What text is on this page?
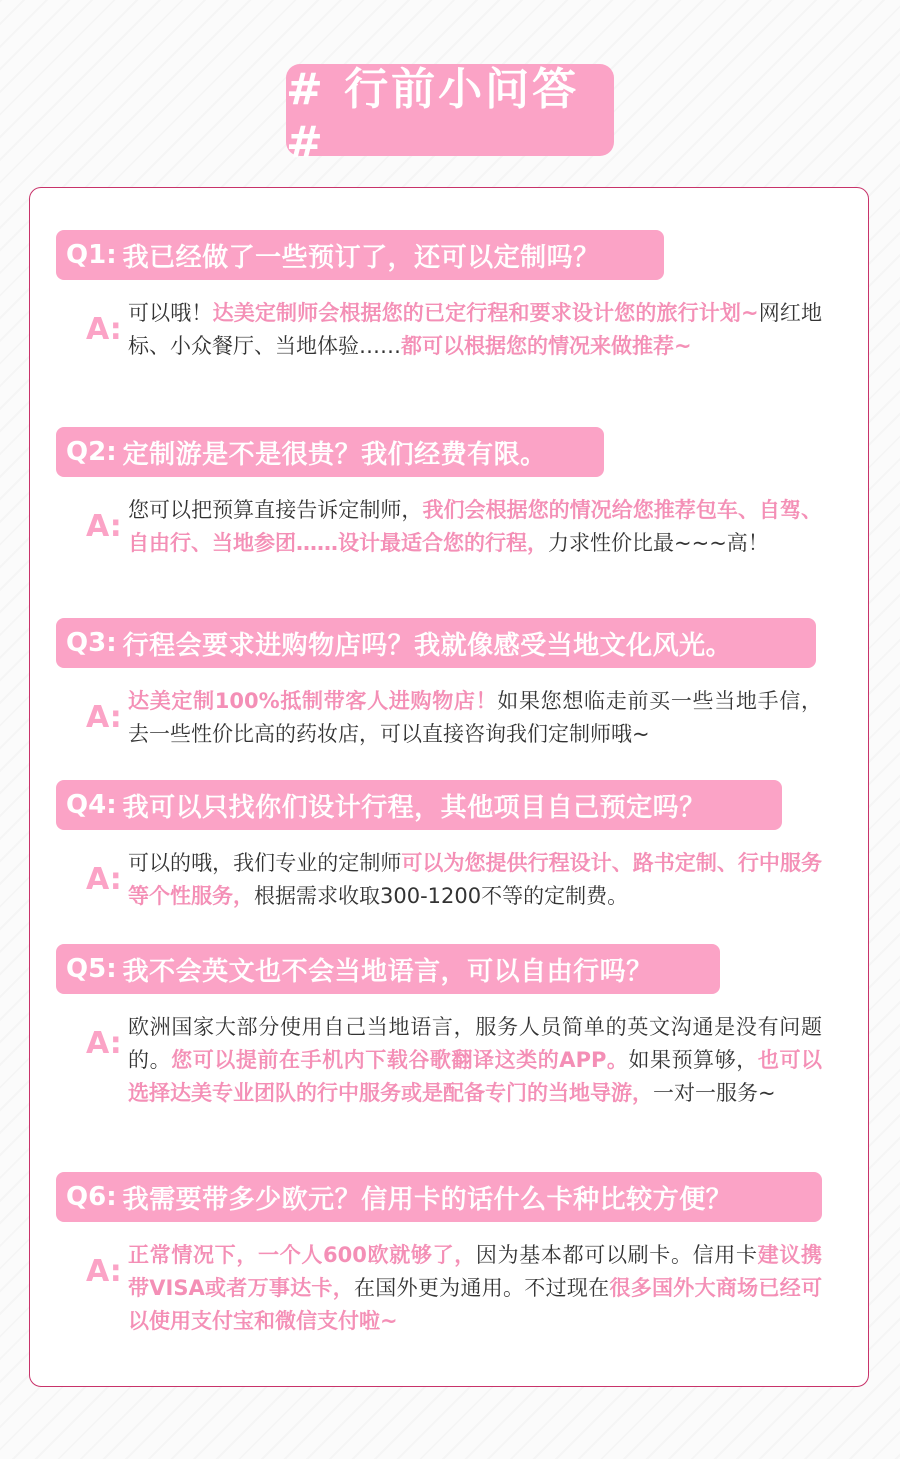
# 行前小问答 #
Q1: 我已经做了一些预订了，还可以定制吗？
A: 可以哦！达美定制师会根据您的已定行程和要求设计您的旅行计划~网红地标、小众餐厅、当地体验……都可以根据您的情况来做推荐~
Q2: 定制游是不是很贵？我们经费有限。
A: 您可以把预算直接告诉定制师，我们会根据您的情况给您推荐包车、自驾、自由行、当地参团……设计最适合您的行程，力求性价比最~~~高！
Q3: 行程会要求进购物店吗？我就像感受当地文化风光。
A: 达美定制100%抵制带客人进购物店！如果您想临走前买一些当地手信，去一些性价比高的药妆店，可以直接咨询我们定制师哦~
Q4: 我可以只找你们设计行程，其他项目自己预定吗？
A: 可以的哦，我们专业的定制师可以为您提供行程设计、路书定制、行中服务等个性服务，根据需求收取300-1200不等的定制费。
Q5: 我不会英文也不会当地语言，可以自由行吗？
A: 欧洲国家大部分使用自己当地语言，服务人员简单的英文沟通是没有问题的。您可以提前在手机内下载谷歌翻译这类的APP。如果预算够，也可以选择达美专业团队的行中服务或是配备专门的当地导游，一对一服务~
Q6: 我需要带多少欧元？信用卡的话什么卡种比较方便？
A: 正常情况下，一个人600欧就够了，因为基本都可以刷卡。信用卡建议携带VISA或者万事达卡，在国外更为通用。不过现在很多国外大商场已经可以使用支付宝和微信支付啦~
